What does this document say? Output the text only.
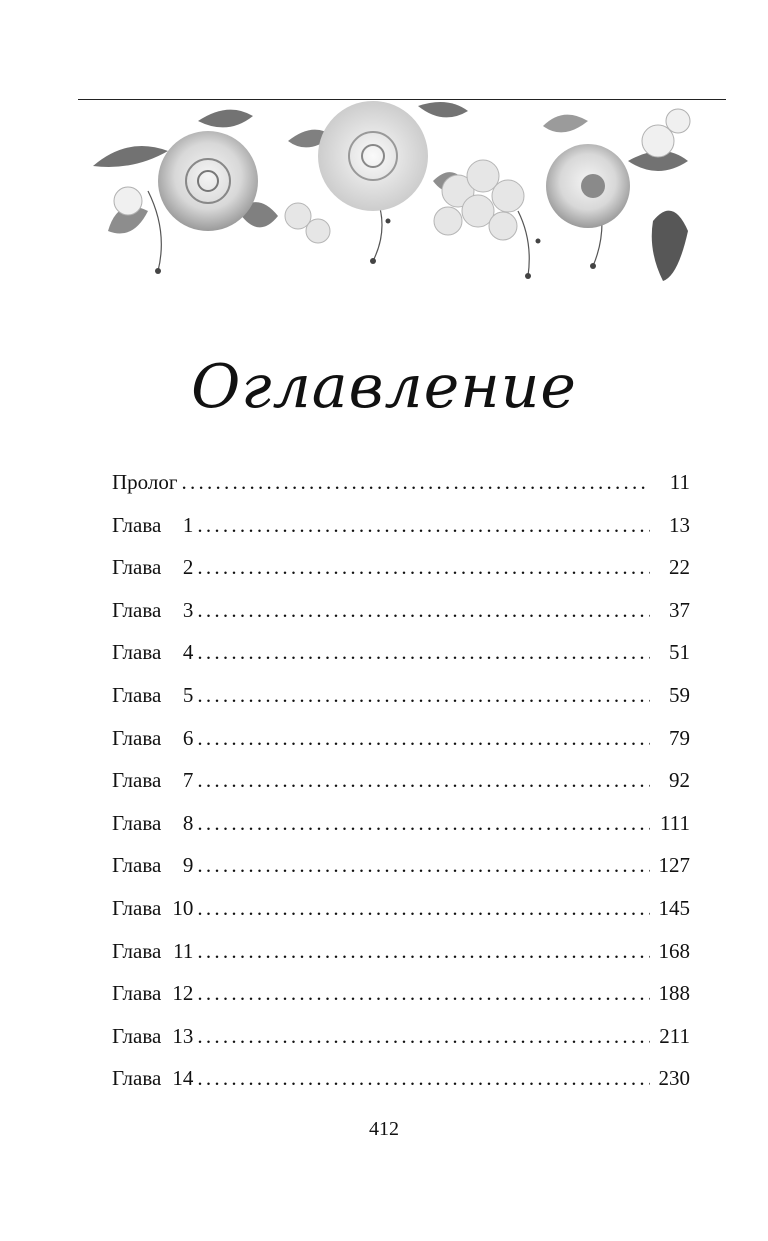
Оглавление
Пролог . . .	11
Глава	1 . . .	13
Глава	2 . . .	22
Глава	3 . . .	37
Глава	4 . . .	51
Глава	5 . . .	59
Глава	6 . . .	79
Глава	7 . . .	92
Глава	8 . . .	111
Глава	9 . . .	127
Глава 10 . . .	145
Глава 11 . . .	168
Глава 12 . . .	188
Глава 13 . . .	211
Глава 14 . . .	230
412
